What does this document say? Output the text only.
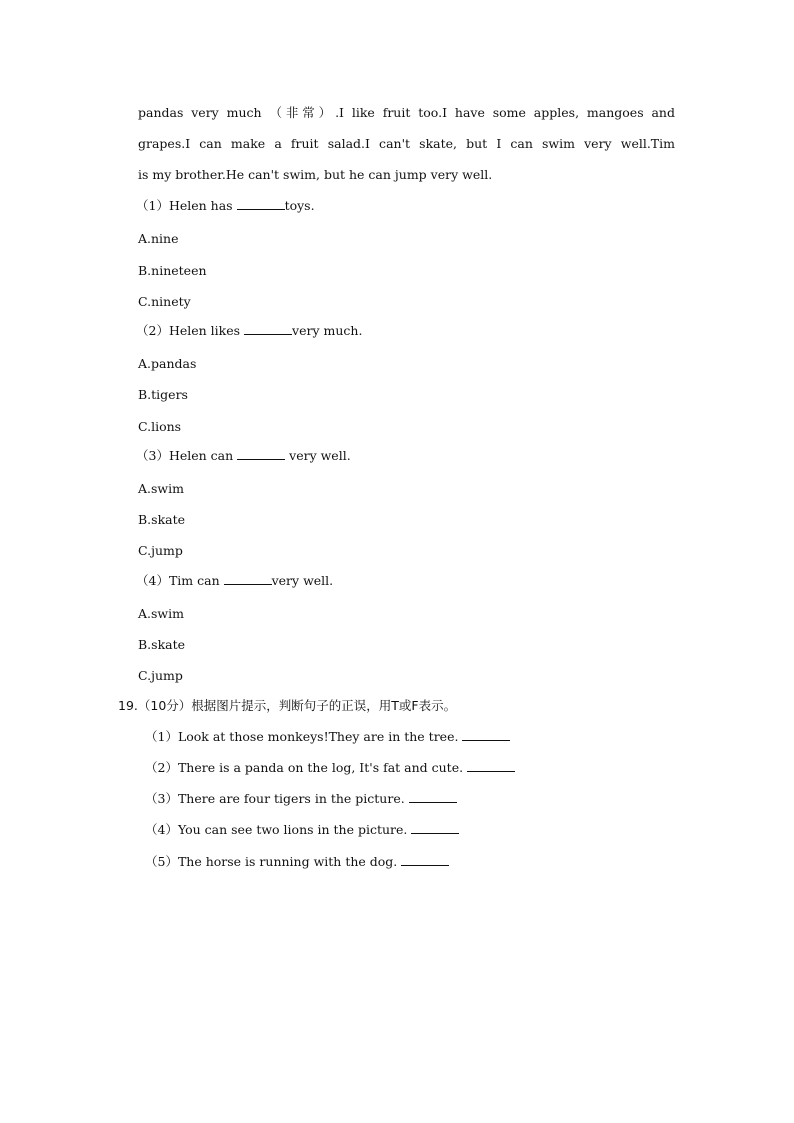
pandas very much （非常）.I like fruit too.I have some apples, mangoes and
grapes.I can make a fruit salad.I can't skate, but I can swim very well.Tim
is my brother.He can't swim, but he can jump very well.
（1）Helen has	toys.
A.nine
B.nineteen
C.ninety
（2）Helen likes	very much.
A.pandas
B.tigers
C.lions
（3）Helen can	very well.
A.swim
B.skate
C.jump
（4）Tim can	very well.
A.swim
B.skate
C.jump
19.（10分）根据图片提示，判断句子的正误，用T或F表示。
（1）Look at those monkeys!They are in the tree.
（2）There is a panda on the log, It's fat and cute.
（3）There are four tigers in the picture.
（4）You can see two lions in the picture.
（5）The horse is running with the dog.
